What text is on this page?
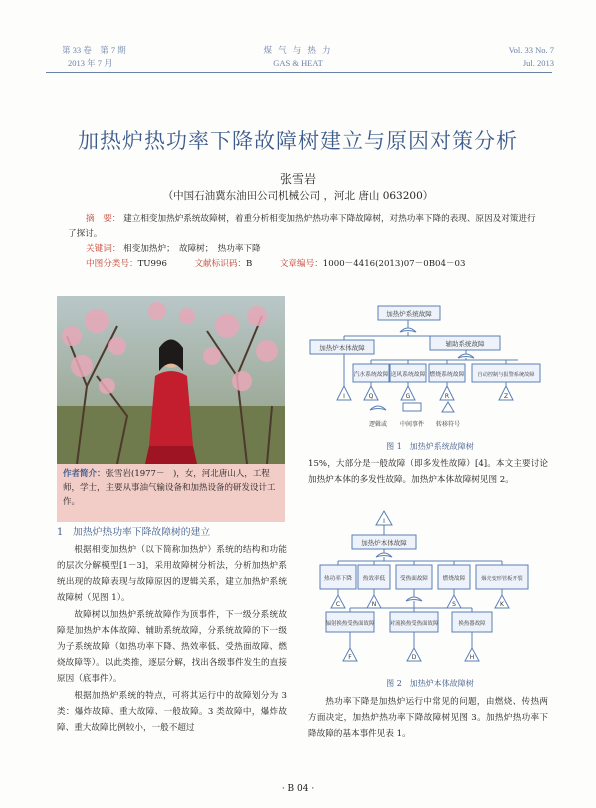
第 33 卷　第 7 期
2013 年 7 月
煤 气 与 热 力
GAS & HEAT
Vol. 33 No. 7
Jul. 2013
加热炉热功率下降故障树建立与原因对策分析
张雪岩
（中国石油冀东油田公司机械公司 ，河北 唐山 063200）
摘　要： 建立相变加热炉系统故障树，着重分析相变加热炉热功率下降故障树，对热功率下降的表现、原因及对策进行了探讨。
关键词： 相变加热炉；　故障树；　热功率下降
中图分类号：TU996	文献标识码：B	文章编号：1000－4416(2013)07－0B04－03
作者简介：张雪岩(1977－　)，女，河北唐山人，工程师，学士，主要从事油气输设备和加热设备的研发设计工作。
1　加热炉热功率下降故障树的建立
根据相变加热炉（以下简称加热炉）系统的结构和功能的层次分解模型[1－3]，采用故障树分析法，分析加热炉系统出现的故障表现与故障原因的逻辑关系，建立加热炉系统故障树（见图 1）。
故障树以加热炉系统故障作为顶事件，下一级分系统故障是加热炉本体故障、辅助系统故障，分系统故障的下一级为子系统故障（如热功率下降、热效率低、受热面故障、燃烧故障等）。以此类推，逐层分解，找出各级事件发生的直接原因（底事件）。
根据加热炉系统的特点，可将其运行中的故障划分为 3 类：爆炸故障、重大故障、一般故障。3 类故障中，爆炸故障、重大故障比例较小，一般不超过
加热炉系统故障
加热炉本体故障	辅助系统故障
汽水系统故障 送风系统故障 燃烧系统故障	自动控制与报警系统故障
I	Q	G	R	Z
逻辑或 中间事件 转移符号
图 1　加热炉系统故障树
15%，大部分是一般故障（即多发性故障）[4]。本文主要讨论加热炉本体的多发性故障。加热炉本体故障树见图 2。
I
加热炉本体故障
热功率下降 热效率低	受热面故障	燃烧故障	烟壳变形管板开裂
C	N	S	K
辐射换热受热面故障	对流换热受热面故障	换热器故障
F	D	H
图 2　加热炉本体故障树
热功率下降是加热炉运行中常见的问题，由燃烧、传热两方面决定，加热炉热功率下降故障树见图 3。加热炉热功率下降故障的基本事件见表 1。
· B 04 ·
